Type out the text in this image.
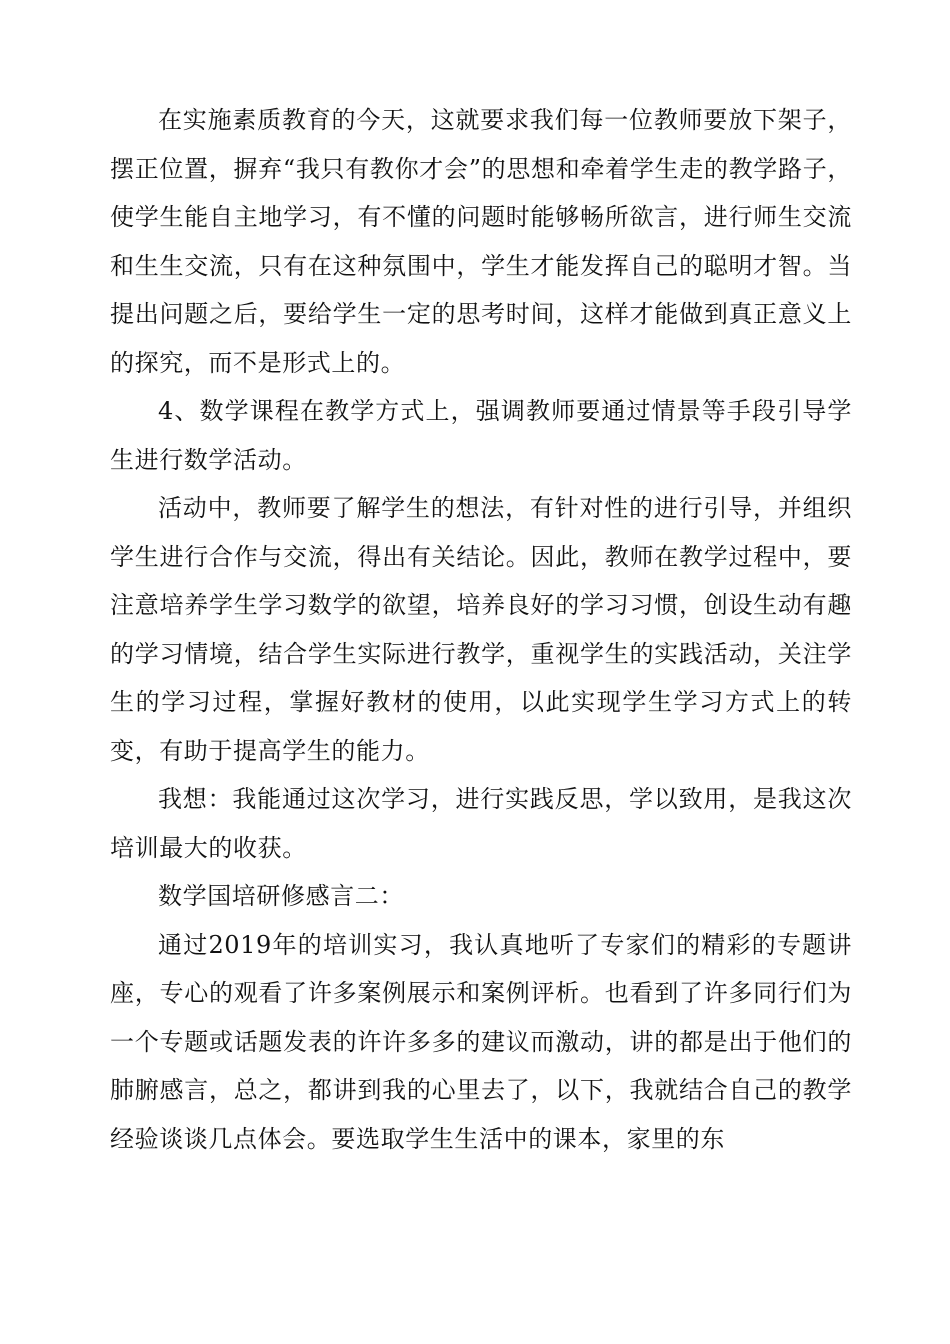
在实施素质教育的今天，这就要求我们每一位教师要放下架子，摆正位置，摒弃“我只有教你才会”的思想和牵着学生走的教学路子，使学生能自主地学习，有不懂的问题时能够畅所欲言，进行师生交流和生生交流，只有在这种氛围中，学生才能发挥自己的聪明才智。当提出问题之后，要给学生一定的思考时间，这样才能做到真正意义上的探究，而不是形式上的。

4、数学课程在教学方式上，强调教师要通过情景等手段引导学生进行数学活动。

活动中，教师要了解学生的想法，有针对性的进行引导，并组织学生进行合作与交流，得出有关结论。因此，教师在教学过程中，要注意培养学生学习数学的欲望，培养良好的学习习惯，创设生动有趣的学习情境，结合学生实际进行教学，重视学生的实践活动，关注学生的学习过程，掌握好教材的使用，以此实现学生学习方式上的转变，有助于提高学生的能力。

我想：我能通过这次学习，进行实践反思，学以致用，是我这次培训最大的收获。

数学国培研修感言二：

通过2019年的培训实习，我认真地听了专家们的精彩的专题讲座，专心的观看了许多案例展示和案例评析。也看到了许多同行们为一个专题或话题发表的许许多多的建议而激动，讲的都是出于他们的肺腑感言，总之，都讲到我的心里去了，以下，我就结合自己的教学经验谈谈几点体会。要选取学生生活中的课本，家里的东
